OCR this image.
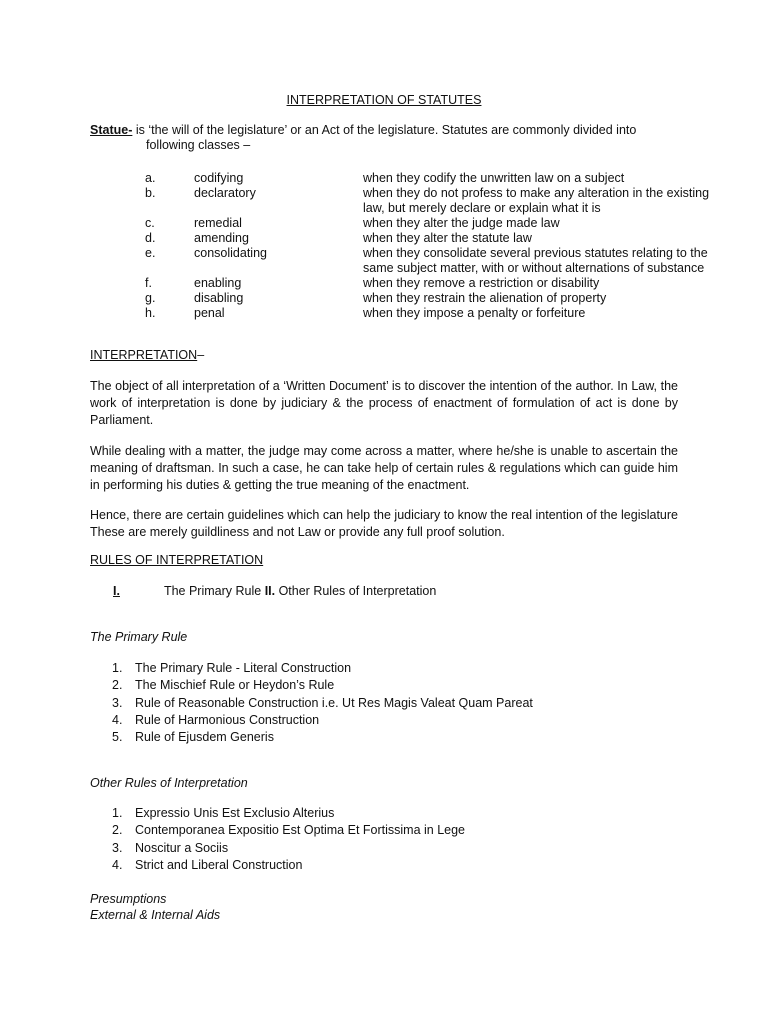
INTERPRETATION OF STATUTES
Statue- is ‘the will of the legislature’ or an Act of the legislature. Statutes are commonly divided into
following classes –
a.	codifying	when they codify the unwritten law on a subject
b.	declaratory	when they do not profess to make any alteration in the existing law, but merely declare or explain what it is
c.	remedial	when they alter the judge made law
d.	amending	when they alter the statute law
e.	consolidating	when they consolidate several previous statutes relating to the same subject matter, with or without alternations of substance
f.	enabling	when they remove a restriction or disability
g.	disabling	when they restrain the alienation of property
h.	penal	when they impose a penalty or forfeiture
INTERPRETATION–
The object of all interpretation of a ‘Written Document’ is to discover the intention of the author. In Law, the work of interpretation is done by judiciary & the process of enactment of formulation of act is done by Parliament.
While dealing with a matter, the judge may come across a matter, where he/she is unable to ascertain the meaning of draftsman. In such a case, he can take help of certain rules & regulations which can guide him in performing his duties & getting the true meaning of the enactment.
Hence, there are certain guidelines which can help the judiciary to know the real intention of the legislature These are merely guildliness and not Law or provide any full proof solution.
RULES OF INTERPRETATION
I.	The Primary Rule II. Other Rules of Interpretation
The Primary Rule
1. The Primary Rule - Literal Construction
2. The Mischief Rule or Heydon’s Rule
3. Rule of Reasonable Construction i.e. Ut Res Magis Valeat Quam Pareat
4. Rule of Harmonious Construction
5. Rule of Ejusdem Generis
Other Rules of Interpretation
1. Expressio Unis Est Exclusio Alterius
2. Contemporanea Expositio Est Optima Et Fortissima in Lege
3. Noscitur a Sociis
4. Strict and Liberal Construction
Presumptions
External & Internal Aids
